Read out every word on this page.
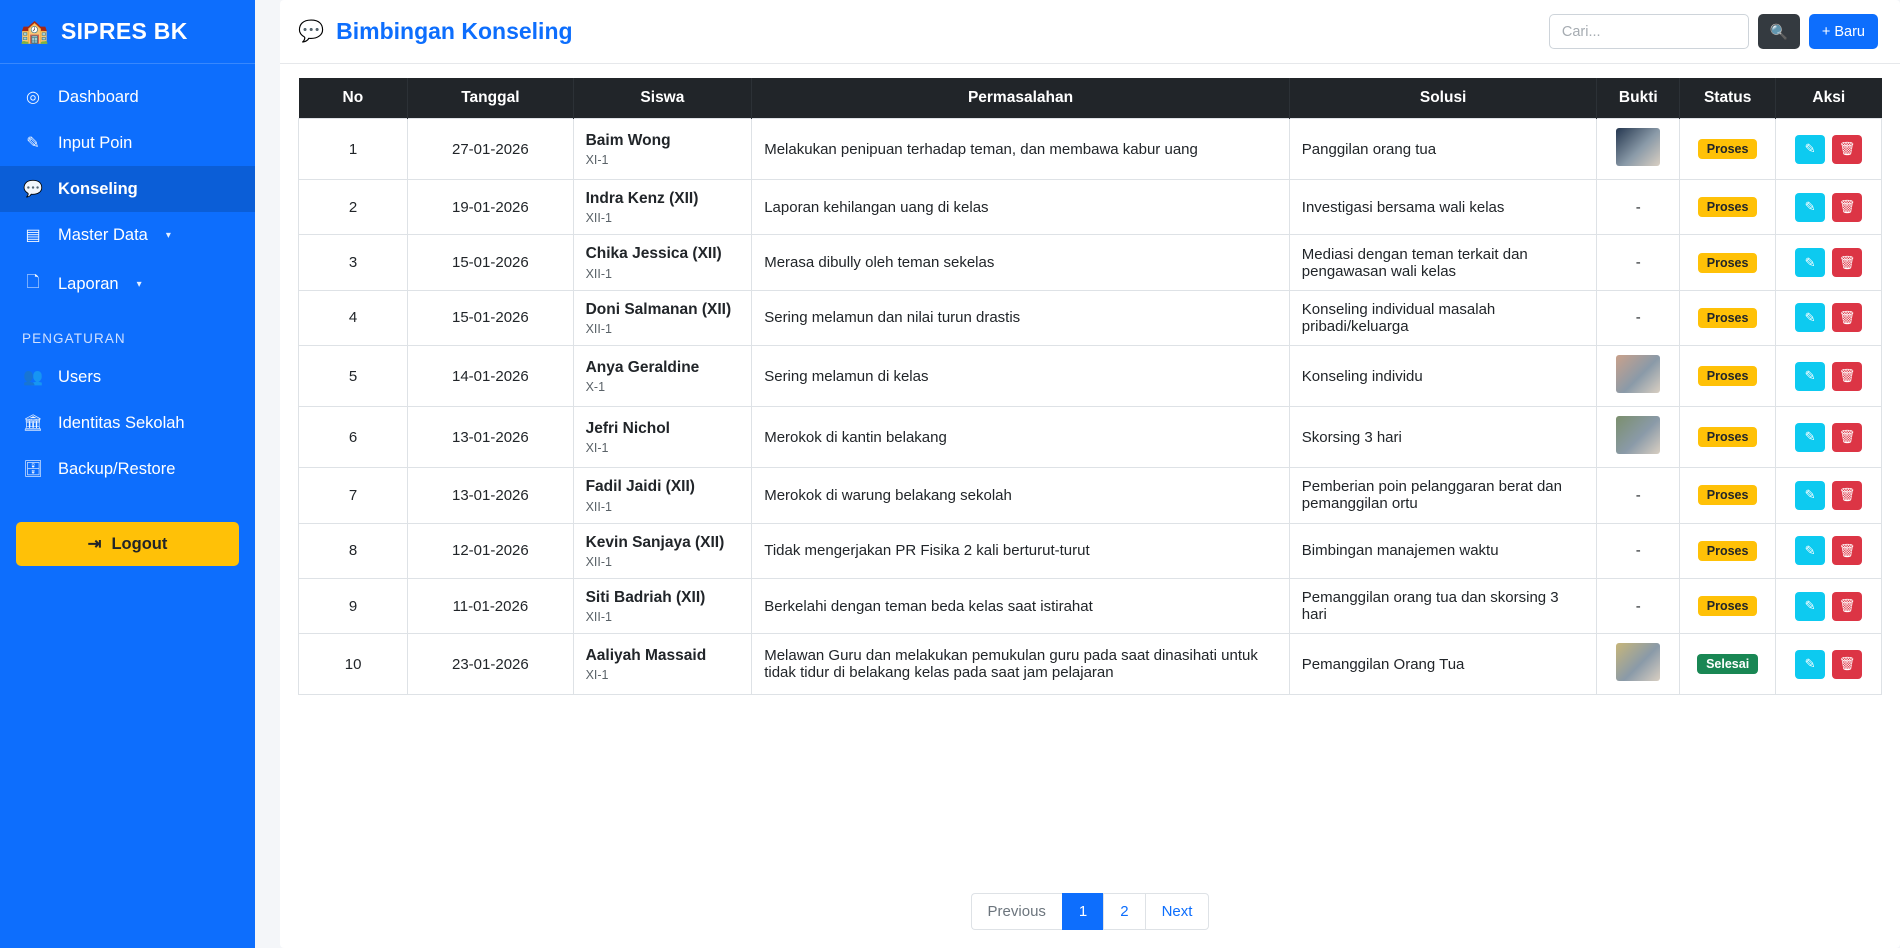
🏫 SIPRES BK
◎ Dashboard
✎ Input Poin
💬 Konseling
▤ Master Data ▾
🗋 Laporan ▾
PENGATURAN
👥 Users
🏛 Identitas Sekolah
🗄 Backup/Restore
⇥ Logout
💬 Bimbingan Konseling
Cari...	🔍 + Baru
No	Tanggal	Siswa	Permasalahan	Solusi	Bukti	Status	Aksi
1	27-01-2026	
Baim Wong
XI-1
	Melakukan penipuan terhadap teman, dan membawa kabur uang	Panggilan orang tua		Proses	✎ 🗑

2	19-01-2026	
Indra Kenz (XII)
XII-1
	Laporan kehilangan uang di kelas	Investigasi bersama wali kelas	-	Proses	✎ 🗑

3	15-01-2026	
Chika Jessica (XII)
XII-1
	Merasa dibully oleh teman sekelas	Mediasi dengan teman terkait dan pengawasan wali kelas	-	Proses	✎ 🗑

4	15-01-2026	
Doni Salmanan (XII)
XII-1
	Sering melamun dan nilai turun drastis	Konseling individual masalah pribadi/keluarga	-	Proses	✎ 🗑

5	14-01-2026	
Anya Geraldine
X-1
	Sering melamun di kelas	Konseling individu		Proses	✎ 🗑

6	13-01-2026	
Jefri Nichol
XI-1
	Merokok di kantin belakang	Skorsing 3 hari		Proses	✎ 🗑

7	13-01-2026	
Fadil Jaidi (XII)
XII-1
	Merokok di warung belakang sekolah	Pemberian poin pelanggaran berat dan pemanggilan ortu	-	Proses	✎ 🗑

8	12-01-2026	
Kevin Sanjaya (XII)
XII-1
	Tidak mengerjakan PR Fisika 2 kali berturut-turut	Bimbingan manajemen waktu	-	Proses	✎ 🗑

9	11-01-2026	
Siti Badriah (XII)
XII-1
	Berkelahi dengan teman beda kelas saat istirahat	Pemanggilan orang tua dan skorsing 3 hari	-	Proses	✎ 🗑

10	23-01-2026	
Aaliyah Massaid
XI-1
	Melawan Guru dan melakukan pemukulan guru pada saat dinasihati untuk tidak tidur di belakang kelas pada saat jam pelajaran	Pemanggilan Orang Tua		Selesai	✎ 🗑
Previous	1	2	Next
